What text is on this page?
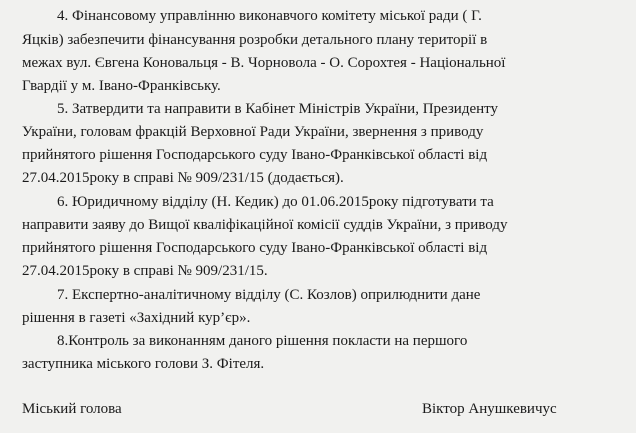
4. Фінансовому управлінню виконавчого комітету міської ради ( Г.
Яцків) забезпечити фінансування розробки детального плану території в
межах вул. Євгена Коновальця - В. Чорновола - О. Сорохтея - Національної
Гвардії у м. Івано-Франківську.
5. Затвердити та направити в Кабінет Міністрів України, Президенту
України, головам фракцій Верховної Ради України, звернення з приводу
прийнятого рішення Господарського суду Івано-Франківської області від
27.04.2015року в справі № 909/231/15 (додається).
6. Юридичному відділу (Н. Кедик) до 01.06.2015року підготувати та
направити заяву до Вищої кваліфікаційної комісії суддів України, з приводу
прийнятого рішення Господарського суду Івано-Франківської області від
27.04.2015року в справі № 909/231/15.
7. Експертно-аналітичному відділу (С. Козлов) оприлюднити дане
рішення в газеті «Західний кур’єр».
8.Контроль за виконанням даного рішення покласти на першого
заступника міського голови З. Фітеля.
Міський голова	Віктор Анушкевичус
